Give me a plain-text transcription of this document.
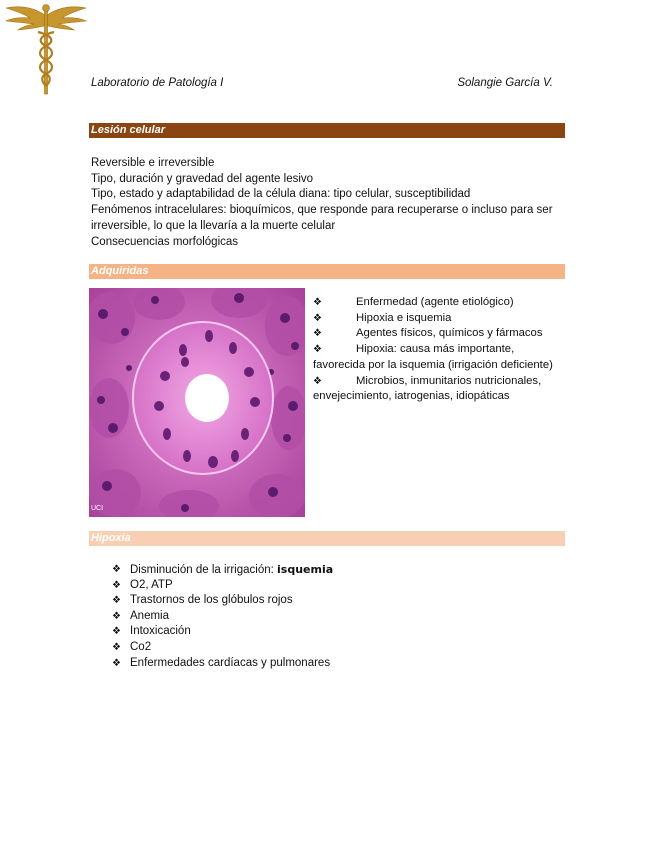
Laboratorio de Patología I	Solangie García V.
Lesión celular

Reversible e irreversible

Tipo, duración y gravedad del agente lesivo

Tipo, estado y adaptabilidad de la célula diana: tipo celular, susceptibilidad

Fenómenos intracelulares: bioquímicos, que responde para recuperarse o incluso para ser irreversible, lo que la llevaría a la muerte celular

Consecuencias morfológicas

Adquiridas
UCI
❖	Enfermedad (agente etiológico)
❖	Hipoxia e isquemia
❖	Agentes físicos, químicos y fármacos
❖	Hipoxia: causa más importante, favorecida por la isquemia (irrigación deficiente)
❖	Microbios, inmunitarios nutricionales, envejecimiento, iatrogenias, idiopáticas
Hipoxia
❖ Disminución de la irrigación: isquemia
❖ O2, ATP
❖ Trastornos de los glóbulos rojos
❖ Anemia
❖ Intoxicación
❖ Co2
❖ Enfermedades cardíacas y pulmonares
